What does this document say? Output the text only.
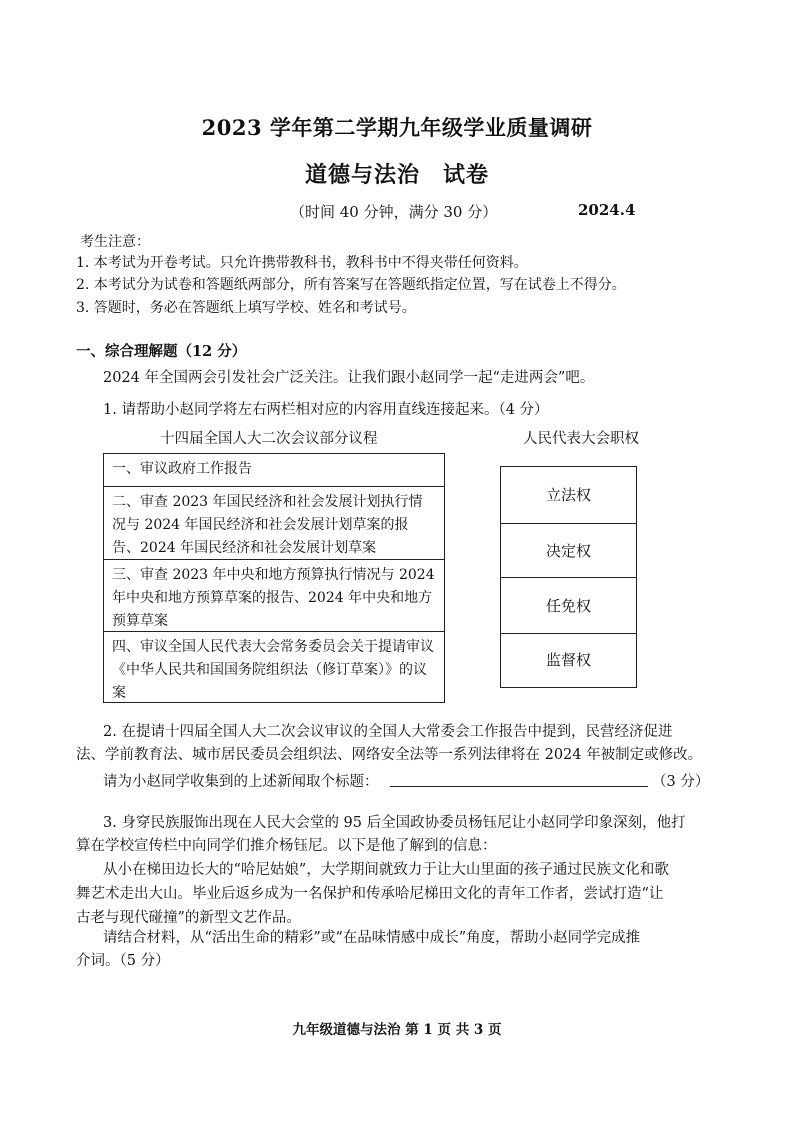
2023 学年第二学期九年级学业质量调研
道德与法治　试卷
（时间 40 分钟，满分 30 分）	2024.4
考生注意：
1. 本考试为开卷考试。只允许携带教科书，教科书中不得夹带任何资料。
2. 本考试分为试卷和答题纸两部分，所有答案写在答题纸指定位置，写在试卷上不得分。
3. 答题时，务必在答题纸上填写学校、姓名和考试号。
一、综合理解题（12 分）
2024 年全国两会引发社会广泛关注。让我们跟小赵同学一起“走进两会”吧。
1. 请帮助小赵同学将左右两栏相对应的内容用直线连接起来。（4 分）
十四届全国人大二次会议部分议程	人民代表大会职权
一、审议政府工作报告
二、审查 2023 年国民经济和社会发展计划执行情况与 2024 年国民经济和社会发展计划草案的报告、2024 年国民经济和社会发展计划草案
三、审查 2023 年中央和地方预算执行情况与 2024 年中央和地方预算草案的报告、2024 年中央和地方预算草案
四、审议全国人民代表大会常务委员会关于提请审议《中华人民共和国国务院组织法（修订草案）》的议案
立法权
决定权
任免权
监督权
2. 在提请十四届全国人大二次会议审议的全国人大常委会工作报告中提到，民营经济促进
法、学前教育法、城市居民委员会组织法、网络安全法等一系列法律将在 2024 年被制定或修改。
请为小赵同学收集到的上述新闻取个标题：	（3 分）
3. 身穿民族服饰出现在人民大会堂的 95 后全国政协委员杨钰尼让小赵同学印象深刻，他打
算在学校宣传栏中向同学们推介杨钰尼。以下是他了解到的信息：
从小在梯田边长大的“哈尼姑娘”，大学期间就致力于让大山里面的孩子通过民族文化和歌
舞艺术走出大山。毕业后返乡成为一名保护和传承哈尼梯田文化的青年工作者，尝试打造“让
古老与现代碰撞”的新型文艺作品。
请结合材料，从“活出生命的精彩”或“在品味情感中成长”角度，帮助小赵同学完成推
介词。（5 分）
九年级道德与法治 第 1 页 共 3 页
